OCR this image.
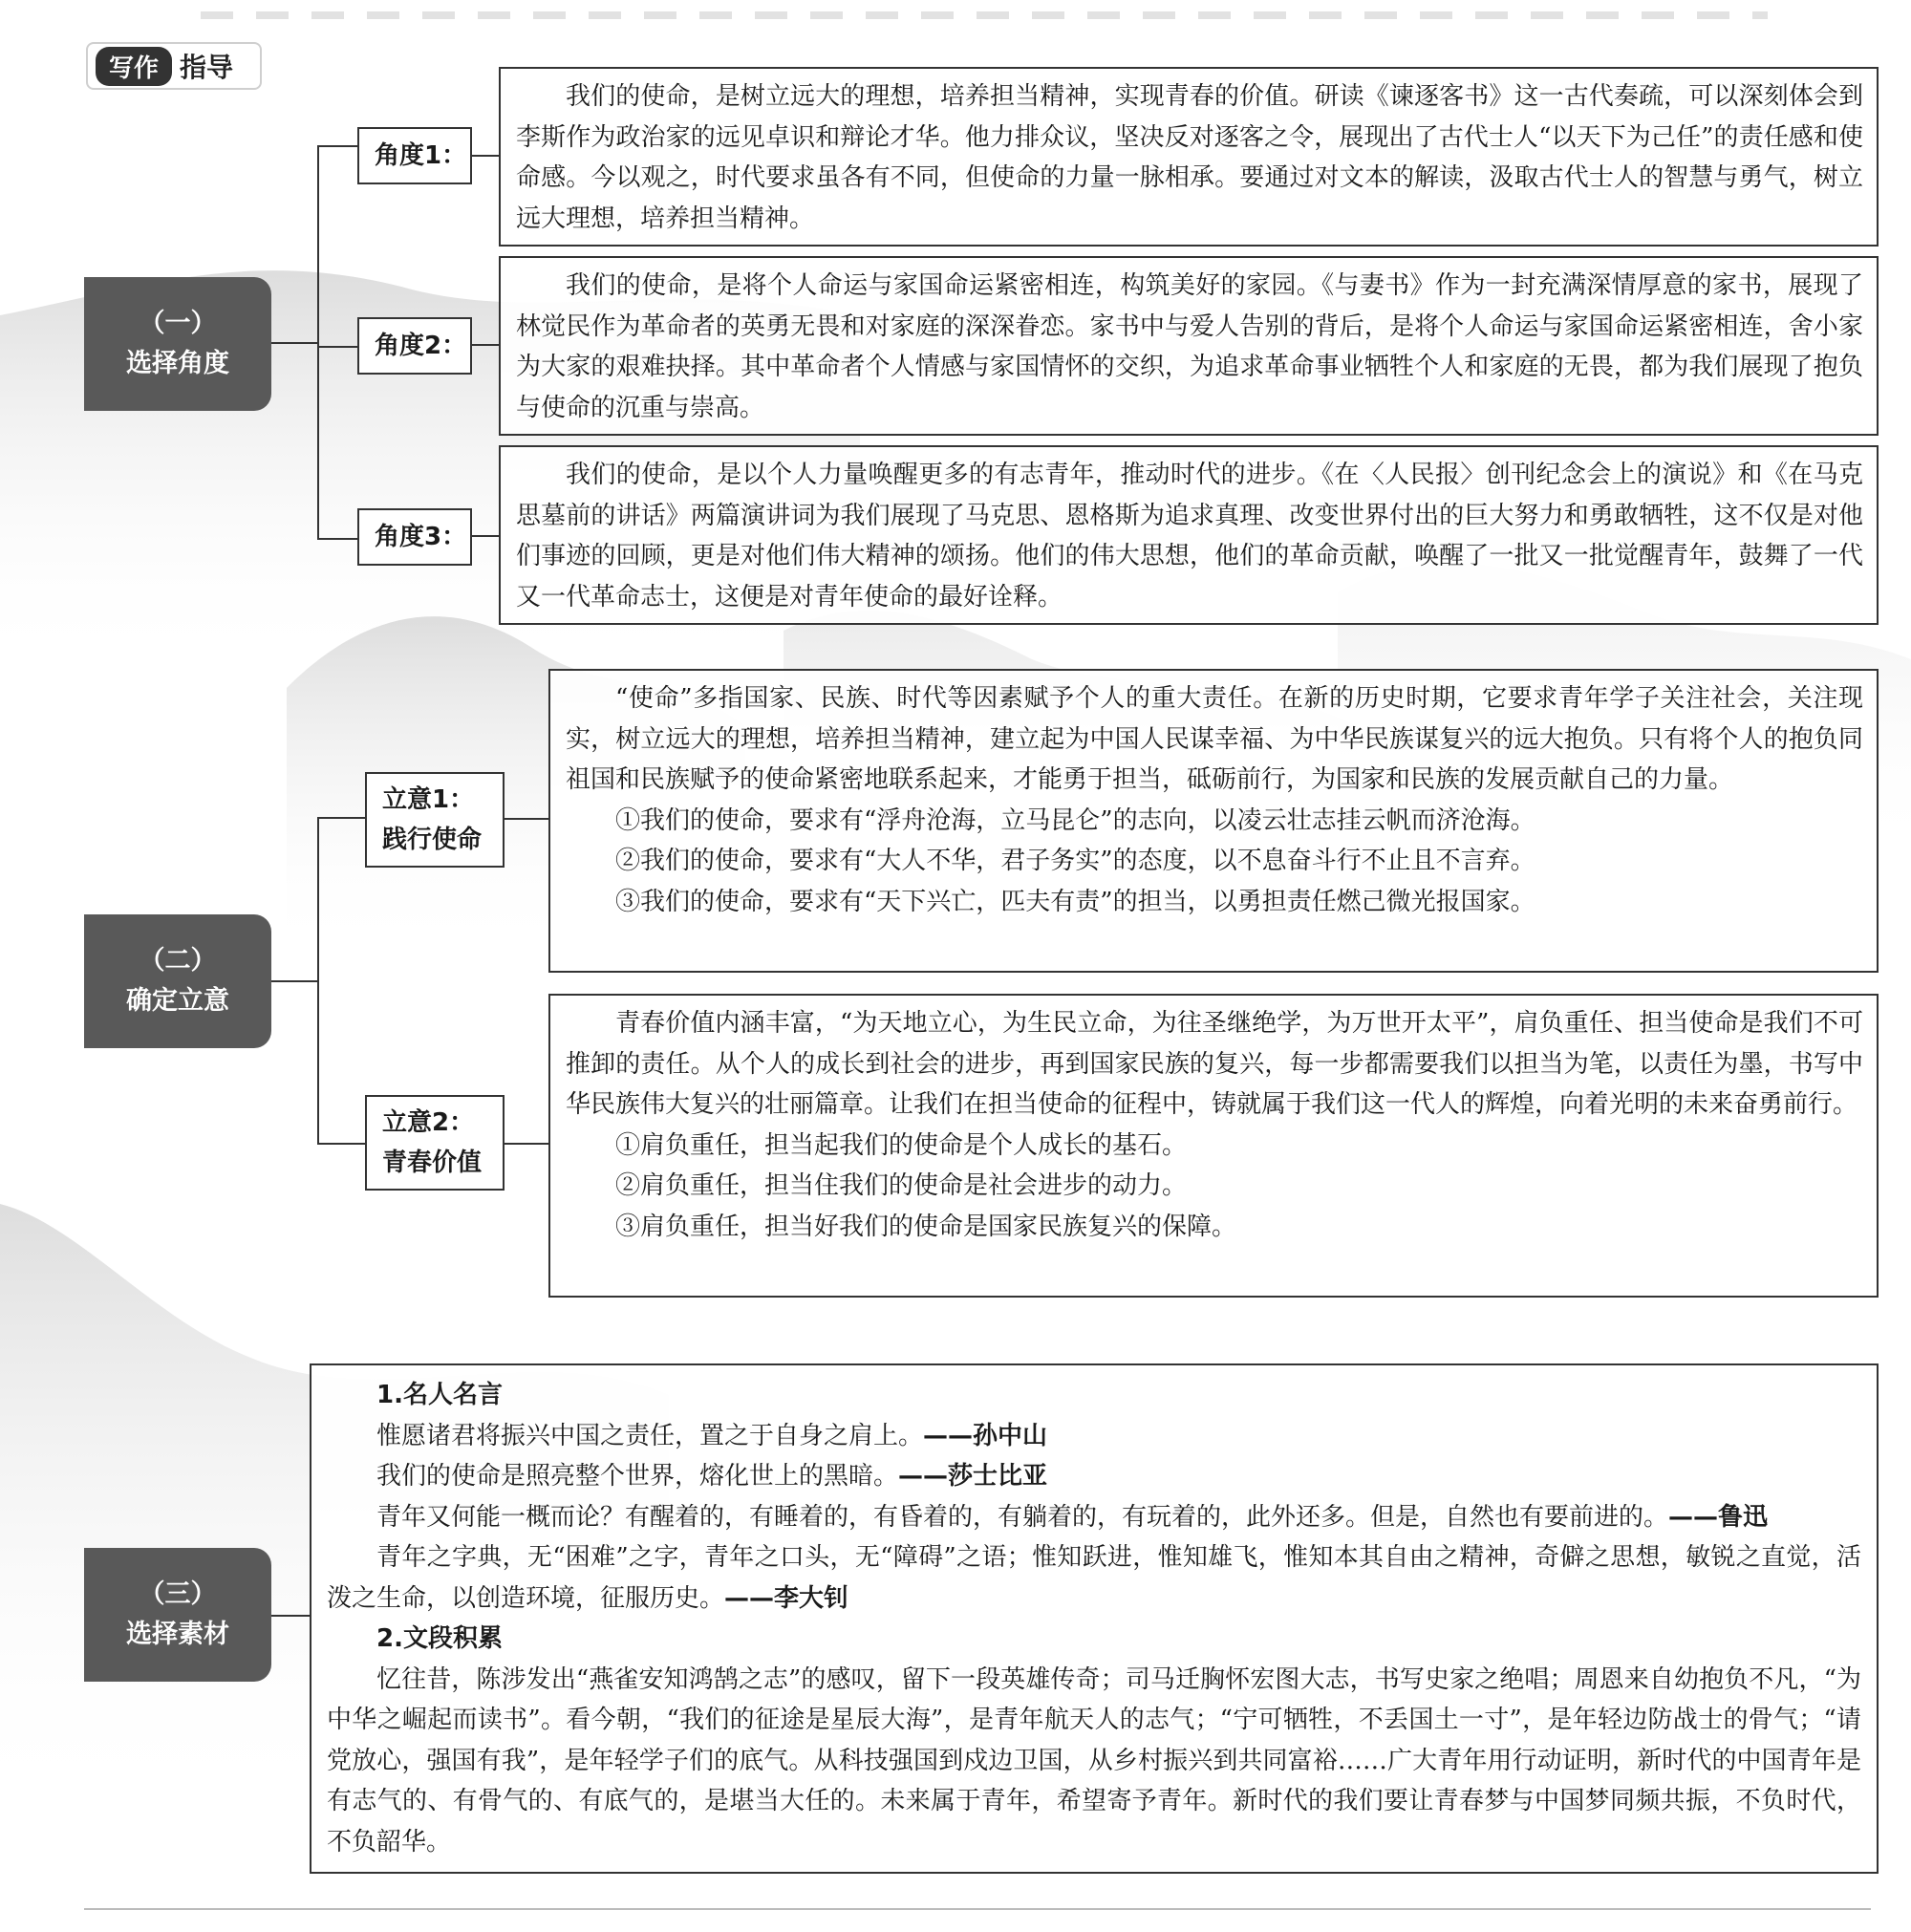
写作 指导
（一）
选择角度
角度1：

我们的使命，是树立远大的理想，培养担当精神，实现青春的价值。研读《谏逐客书》这一古代奏疏，可以深刻体会到李斯作为政治家的远见卓识和辩论才华。他力排众议，坚决反对逐客之令，展现出了古代士人“以天下为己任”的责任感和使命感。今以观之，时代要求虽各有不同，但使命的力量一脉相承。要通过对文本的解读，汲取古代士人的智慧与勇气，树立远大理想，培养担当精神。

角度2：

我们的使命，是将个人命运与家国命运紧密相连，构筑美好的家园。《与妻书》作为一封充满深情厚意的家书，展现了林觉民作为革命者的英勇无畏和对家庭的深深眷恋。家书中与爱人告别的背后，是将个人命运与家国命运紧密相连，舍小家为大家的艰难抉择。其中革命者个人情感与家国情怀的交织，为追求革命事业牺牲个人和家庭的无畏，都为我们展现了抱负与使命的沉重与崇高。

角度3：

我们的使命，是以个人力量唤醒更多的有志青年，推动时代的进步。《在〈人民报〉创刊纪念会上的演说》和《在马克思墓前的讲话》两篇演讲词为我们展现了马克思、恩格斯为追求真理、改变世界付出的巨大努力和勇敢牺牲，这不仅是对他们事迹的回顾，更是对他们伟大精神的颂扬。他们的伟大思想，他们的革命贡献，唤醒了一批又一批觉醒青年，鼓舞了一代又一代革命志士，这便是对青年使命的最好诠释。

（二）
确定立意
立意1：
践行使命

“使命”多指国家、民族、时代等因素赋予个人的重大责任。在新的历史时期，它要求青年学子关注社会，关注现实，树立远大的理想，培养担当精神，建立起为中国人民谋幸福、为中华民族谋复兴的远大抱负。只有将个人的抱负同祖国和民族赋予的使命紧密地联系起来，才能勇于担当，砥砺前行，为国家和民族的发展贡献自己的力量。

①我们的使命，要求有“浮舟沧海，立马昆仑”的志向，以凌云壮志挂云帆而济沧海。

②我们的使命，要求有“大人不华，君子务实”的态度，以不息奋斗行不止且不言弃。

③我们的使命，要求有“天下兴亡，匹夫有责”的担当，以勇担责任燃己微光报国家。

立意2：
青春价值

青春价值内涵丰富，“为天地立心，为生民立命，为往圣继绝学，为万世开太平”，肩负重任、担当使命是我们不可推卸的责任。从个人的成长到社会的进步，再到国家民族的复兴，每一步都需要我们以担当为笔，以责任为墨，书写中华民族伟大复兴的壮丽篇章。让我们在担当使命的征程中，铸就属于我们这一代人的辉煌，向着光明的未来奋勇前行。

①肩负重任，担当起我们的使命是个人成长的基石。

②肩负重任，担当住我们的使命是社会进步的动力。

③肩负重任，担当好我们的使命是国家民族复兴的保障。

（三）
选择素材

1.名人名言

惟愿诸君将振兴中国之责任，置之于自身之肩上。——孙中山

我们的使命是照亮整个世界，熔化世上的黑暗。——莎士比亚

青年又何能一概而论？有醒着的，有睡着的，有昏着的，有躺着的，有玩着的，此外还多。但是，自然也有要前进的。——鲁迅

青年之字典，无“困难”之字，青年之口头，无“障碍”之语；惟知跃进，惟知雄飞，惟知本其自由之精神，奇僻之思想，敏锐之直觉，活泼之生命，以创造环境，征服历史。——李大钊

2.文段积累

忆往昔，陈涉发出“燕雀安知鸿鹄之志”的感叹，留下一段英雄传奇；司马迁胸怀宏图大志，书写史家之绝唱；周恩来自幼抱负不凡，“为中华之崛起而读书”。看今朝，“我们的征途是星辰大海”，是青年航天人的志气；“宁可牺牲，不丢国土一寸”，是年轻边防战士的骨气；“请党放心，强国有我”，是年轻学子们的底气。从科技强国到戍边卫国，从乡村振兴到共同富裕……广大青年用行动证明，新时代的中国青年是有志气的、有骨气的、有底气的，是堪当大任的。未来属于青年，希望寄予青年。新时代的我们要让青春梦与中国梦同频共振，不负时代，不负韶华。
